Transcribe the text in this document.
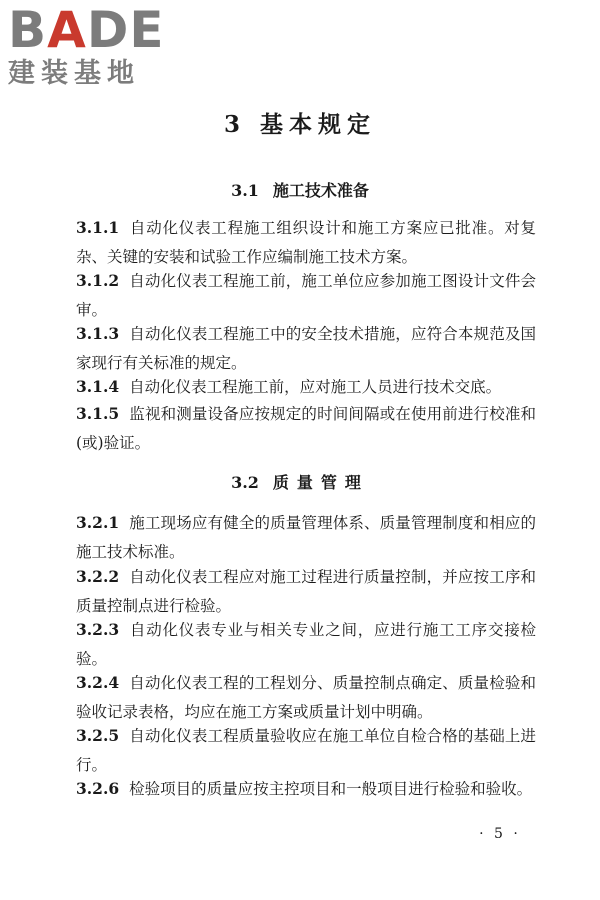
BADE
建装基地
3 基本规定
3.1 施工技术准备

3.1.1 自动化仪表工程施工组织设计和施工方案应已批准。对复杂、关键的安装和试验工作应编制施工技术方案。

3.1.2 自动化仪表工程施工前，施工单位应参加施工图设计文件会审。

3.1.3 自动化仪表工程施工中的安全技术措施，应符合本规范及国家现行有关标准的规定。

3.1.4 自动化仪表工程施工前，应对施工人员进行技术交底。

3.1.5 监视和测量设备应按规定的时间间隔或在使用前进行校准和(或)验证。

3.2 质量管理

3.2.1 施工现场应有健全的质量管理体系、质量管理制度和相应的施工技术标准。

3.2.2 自动化仪表工程应对施工过程进行质量控制，并应按工序和质量控制点进行检验。

3.2.3 自动化仪表专业与相关专业之间，应进行施工工序交接检验。

3.2.4 自动化仪表工程的工程划分、质量控制点确定、质量检验和验收记录表格，均应在施工方案或质量计划中明确。

3.2.5 自动化仪表工程质量验收应在施工单位自检合格的基础上进行。

3.2.6 检验项目的质量应按主控项目和一般项目进行检验和验收。

· 5 ·
